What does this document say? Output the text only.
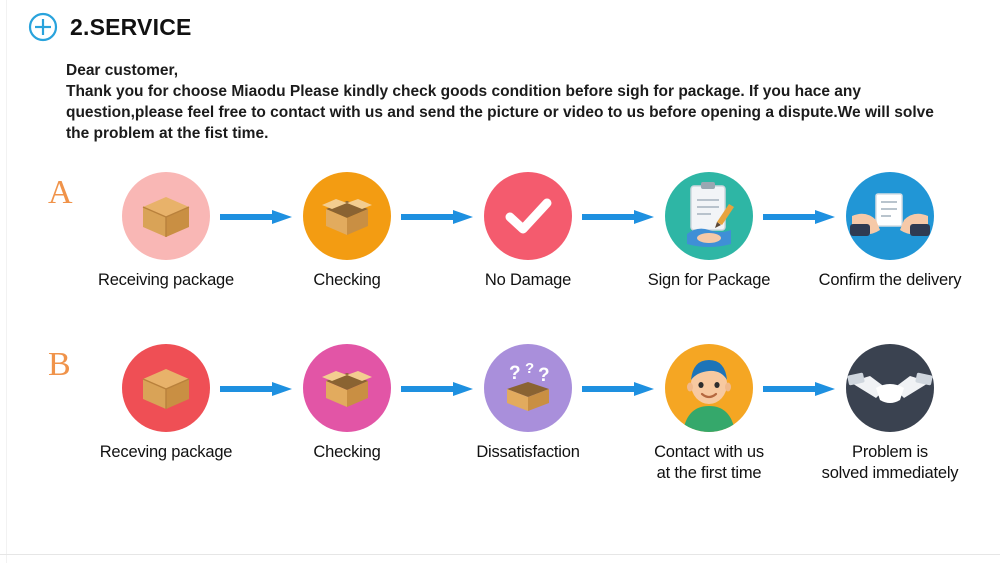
2.SERVICE
Dear customer,
Thank you for choose Miaodu Please kindly check goods condition before sigh for package. If you hace any question,please feel free to contact with us and send the picture or video to us before opening a dispute.We will solve the problem at the fist time.
A
Receiving package	Checking	No Damage	Sign for Package	Confirm the delivery
B
Receving package	Checking
? ? ?
Dissatisfaction	Contact with us
at the first time
Problem is
solved immediately
